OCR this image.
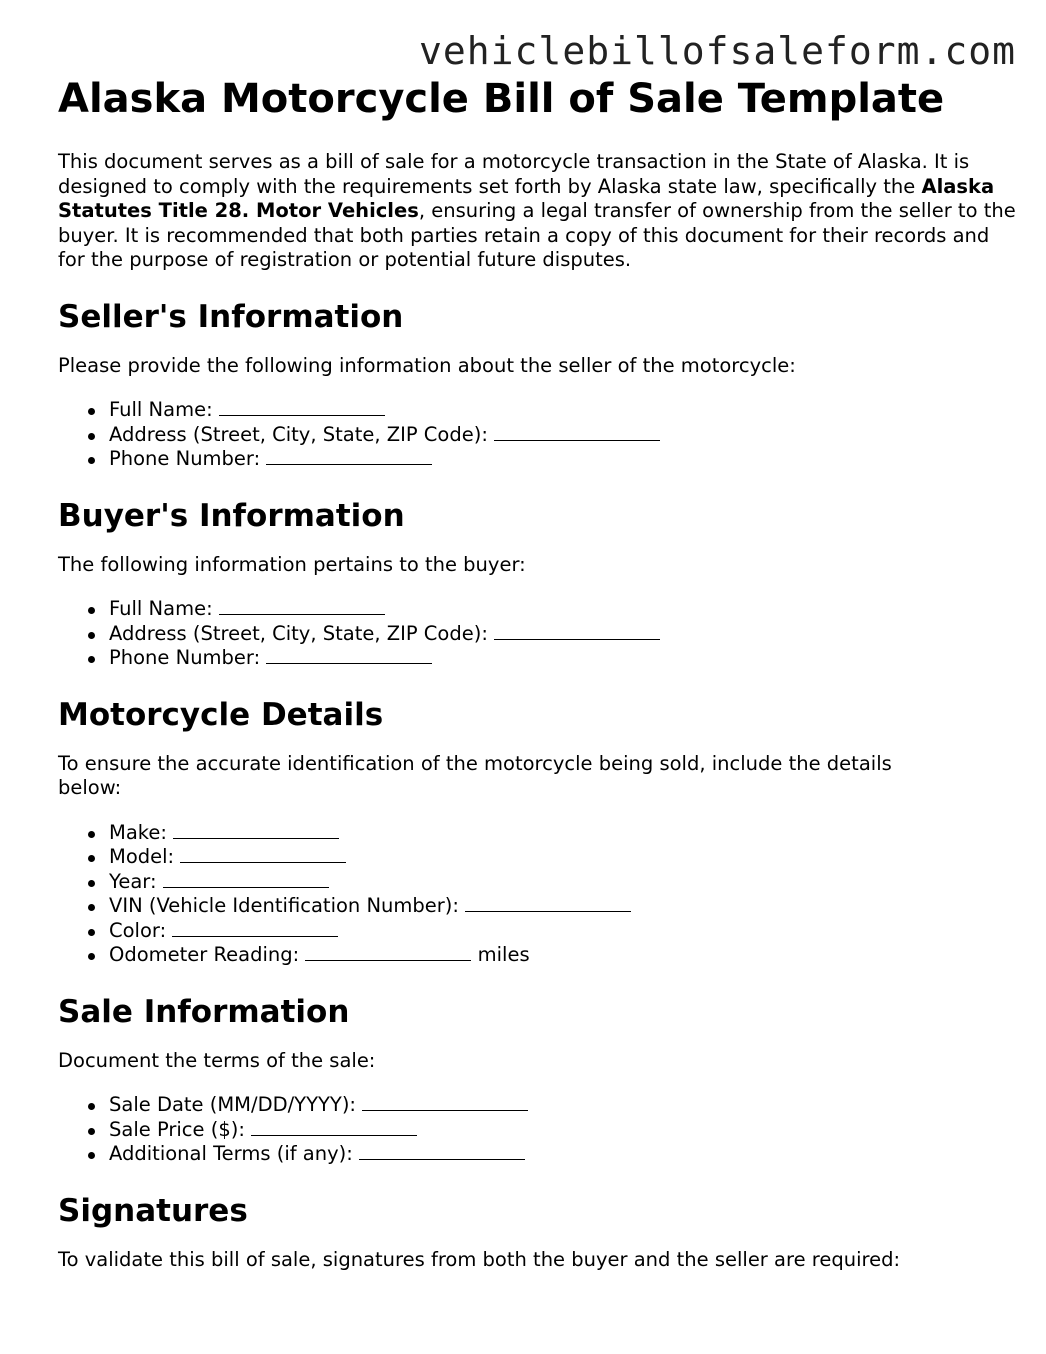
vehiclebillofsaleform.com
Alaska Motorcycle Bill of Sale Template

This document serves as a bill of sale for a motorcycle transaction in the State of Alaska. It is designed to comply with the requirements set forth by Alaska state law, specifically the Alaska Statutes Title 28. Motor Vehicles, ensuring a legal transfer of ownership from the seller to the buyer. It is recommended that both parties retain a copy of this document for their records and for the purpose of registration or potential future disputes.

Seller's Information

Please provide the following information about the seller of the motorcycle:

Full Name:
Address (Street, City, State, ZIP Code):
Phone Number:
Buyer's Information

The following information pertains to the buyer:

Full Name:
Address (Street, City, State, ZIP Code):
Phone Number:
Motorcycle Details

To ensure the accurate identification of the motorcycle being sold, include the details below:

Make:
Model:
Year:
VIN (Vehicle Identification Number):
Color:
Odometer Reading:	miles
Sale Information

Document the terms of the sale:

Sale Date (MM/DD/YYYY):
Sale Price ($):
Additional Terms (if any):
Signatures

To validate this bill of sale, signatures from both the buyer and the seller are required:
